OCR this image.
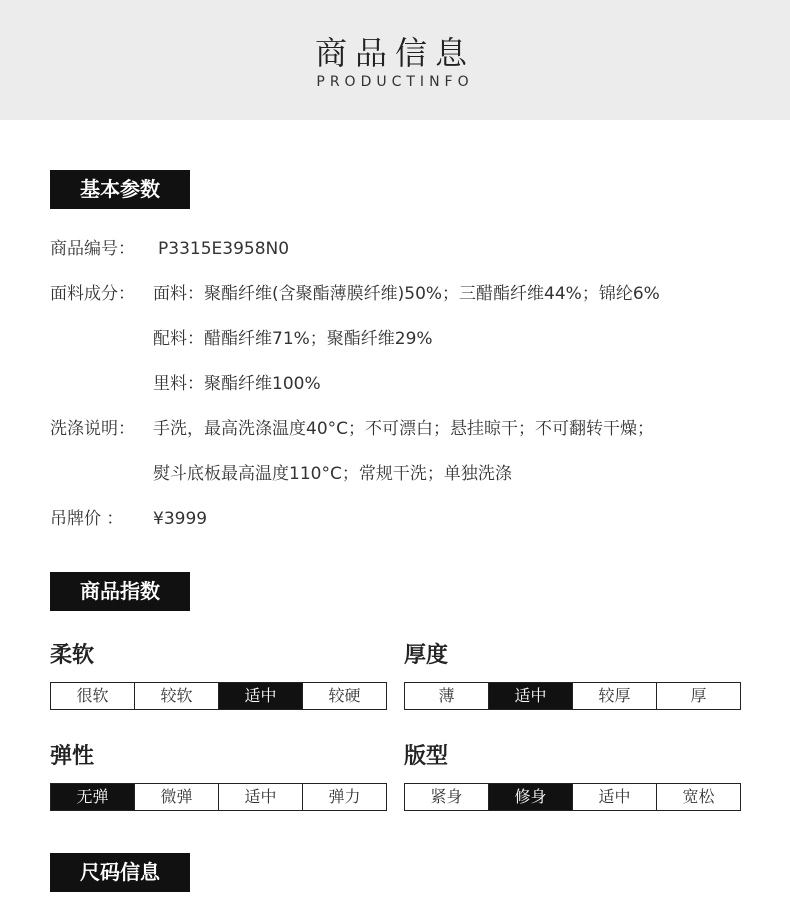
商品信息
PRODUCTINFO
基本参数
商品编号： P3315E3958N0
面料成分： 面料：聚酯纤维(含聚酯薄膜纤维)50%；三醋酯纤维44%；锦纶6%
配料：醋酯纤维71%；聚酯纤维29%
里料：聚酯纤维100%
洗涤说明： 手洗，最高洗涤温度40°C；不可漂白；悬挂晾干；不可翻转干燥；
熨斗底板最高温度110°C；常规干洗；单独洗涤
吊牌价 ： ¥3999
商品指数
柔软
很软	较软	适中	较硬
厚度
薄	适中	较厚	厚
弹性
无弹	微弹	适中	弹力
版型
紧身	修身	适中	宽松
尺码信息
